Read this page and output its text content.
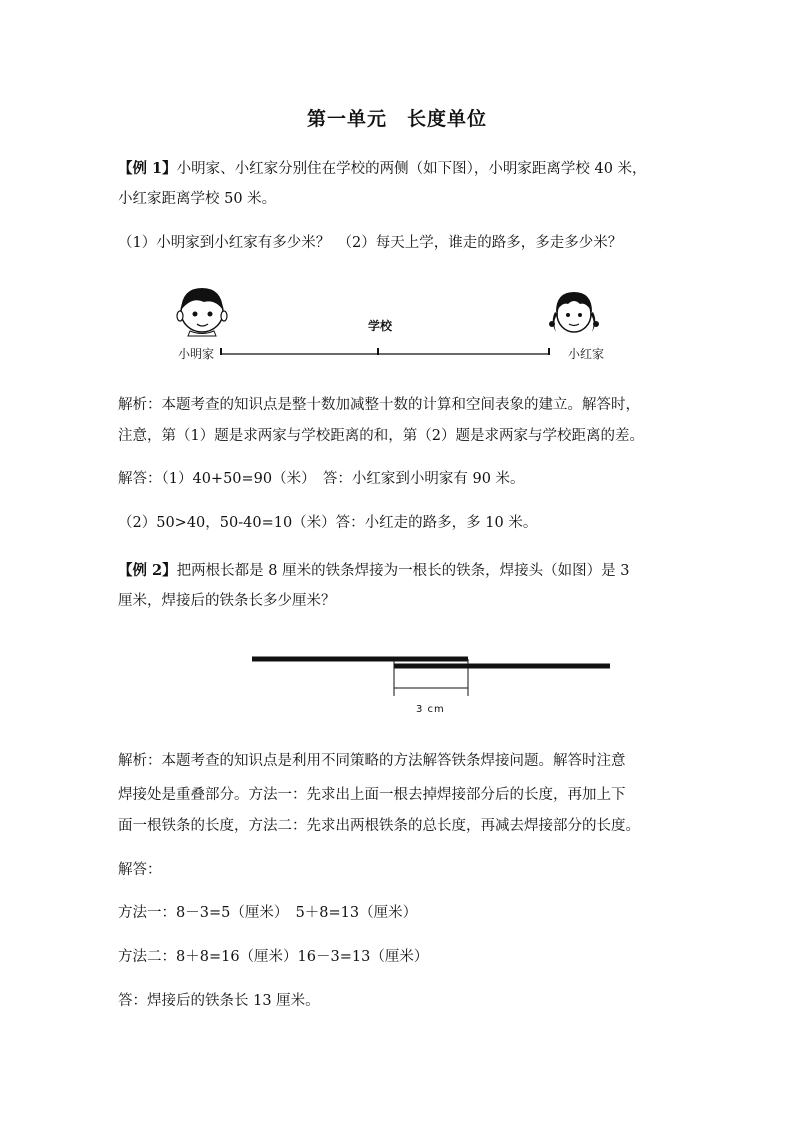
第一单元　长度单位

【例 1】小明家、小红家分别住在学校的两侧（如下图），小明家距离学校 40 米，

小红家距离学校 50 米。

（1）小明家到小红家有多少米？　（2）每天上学，谁走的路多，多走多少米？

小明家
学校
小红家

解析：本题考查的知识点是整十数加减整十数的计算和空间表象的建立。解答时，

注意，第（1）题是求两家与学校距离的和，第（2）题是求两家与学校距离的差。

解答：（1）40+50=90（米）　答：小红家到小明家有 90 米。

（2）50>40，50-40=10（米）答：小红走的路多，多 10 米。

【例 2】把两根长都是 8 厘米的铁条焊接为一根长的铁条，焊接头（如图）是 3

厘米，焊接后的铁条长多少厘米？

3 cm

解析：本题考查的知识点是利用不同策略的方法解答铁条焊接问题。解答时注意

焊接处是重叠部分。方法一：先求出上面一根去掉焊接部分后的长度，再加上下

面一根铁条的长度，方法二：先求出两根铁条的总长度，再减去焊接部分的长度。

解答：

方法一：8－3=5（厘米）　5＋8=13（厘米）

方法二：8＋8=16（厘米）16－3=13（厘米）

答：焊接后的铁条长 13 厘米。
